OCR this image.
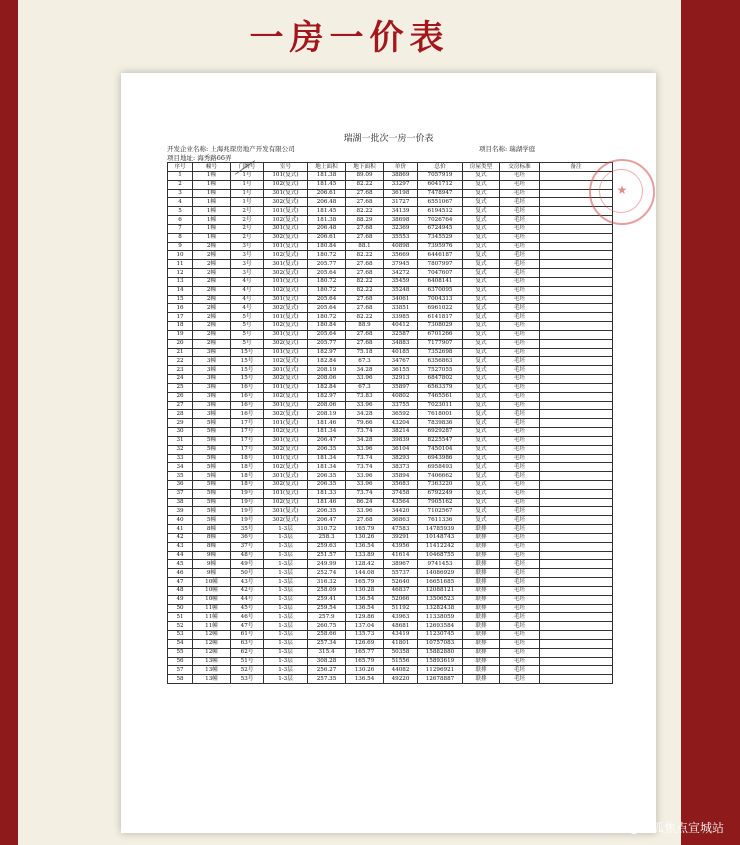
一房一价表
瑞湖一批次一房一价表
开发企业名称: 上海兆琛房地产开发有限公司	项目名称: 瑞湖学庭
项目地址: 海秀路66弄
序号	幢号	门牌号	室号	地上面积	地下面积	单价	总价	房屋类型	交房标准	备注
1	1幢	1号	101(复式)	181.38	89.09	38869	7057919	复式	毛坯	
2	1幢	1号	102(复式)	181.45	82.22	33297	6041712	复式	毛坯	
3	1幢	1号	301(复式)	206.61	27.68	36198	7478947	复式	毛坯	
4	1幢	1号	302(复式)	206.48	27.68	31727	6551067	复式	毛坯	
5	1幢	2号	101(复式)	181.45	82.22	34139	6194512	复式	毛坯	
6	1幢	2号	102(复式)	181.38	88.29	38698	7026764	复式	毛坯	
7	1幢	2号	301(复式)	206.48	27.68	32369	6724945	复式	毛坯	
8	1幢	2号	302(复式)	206.61	27.68	35553	7345529	复式	毛坯	
9	2幢	3号	101(复式)	180.84	88.1	40898	7395976	复式	毛坯	
10	2幢	3号	102(复式)	180.72	82.22	35669	6446187	复式	毛坯	
11	2幢	3号	301(复式)	205.77	27.68	37945	7807997	复式	毛坯	
12	2幢	3号	302(复式)	205.64	27.68	34272	7047607	复式	毛坯	
13	2幢	4号	101(复式)	180.72	82.22	35459	6408141	复式	毛坯	
14	2幢	4号	102(复式)	180.72	82.22	35248	6370095	复式	毛坯	
15	2幢	4号	301(复式)	205.64	27.68	34061	7004313	复式	毛坯	
16	2幢	4号	302(复式)	205.64	27.68	33851	6961022	复式	毛坯	
17	2幢	5号	101(复式)	180.72	82.22	33985	6141817	复式	毛坯	
18	2幢	5号	102(复式)	180.84	88.9	40412	7308029	复式	毛坯	
19	2幢	5号	301(复式)	205.64	27.68	32587	6701266	复式	毛坯	
20	2幢	5号	302(复式)	205.77	27.68	34883	7177907	复式	毛坯	
21	3幢	15号	101(复式)	182.97	75.18	40185	7352698	复式	毛坯	
22	3幢	15号	102(复式)	182.84	67.3	34767	6356863	复式	毛坯	
23	3幢	15号	301(复式)	208.19	34.28	36155	7527055	复式	毛坯	
24	3幢	15号	302(复式)	208.06	33.96	32913	6847802	复式	毛坯	
25	3幢	16号	101(复式)	182.84	67.3	35897	6563379	复式	毛坯	
26	3幢	16号	102(复式)	182.97	73.83	40802	7465561	复式	毛坯	
27	3幢	16号	301(复式)	208.06	33.96	33755	7023011	复式	毛坯	
28	3幢	16号	302(复式)	208.19	34.28	36592	7618001	复式	毛坯	
29	5幢	17号	101(复式)	181.46	79.66	43204	7839836	复式	毛坯	
30	5幢	17号	102(复式)	181.34	73.74	38214	6929287	复式	毛坯	
31	5幢	17号	301(复式)	206.47	34.28	39839	8225547	复式	毛坯	
32	5幢	17号	302(复式)	206.35	33.96	36104	7450104	复式	毛坯	
33	5幢	18号	101(复式)	181.34	73.74	38293	6943986	复式	毛坯	
34	5幢	18号	102(复式)	181.34	73.74	38373	6958493	复式	毛坯	
35	5幢	18号	301(复式)	206.35	33.96	35894	7406662	复式	毛坯	
36	5幢	18号	302(复式)	206.35	33.96	35683	7363220	复式	毛坯	
37	5幢	19号	101(复式)	181.33	73.74	37458	6792249	复式	毛坯	
38	5幢	19号	102(复式)	181.46	86.24	43564	7905162	复式	毛坯	
39	5幢	19号	301(复式)	206.35	33.96	34420	7102567	复式	毛坯	
40	5幢	19号	302(复式)	206.47	27.68	36863	7611336	复式	毛坯	
41	8幢	35号	1-3层	310.72	165.79	47583	14785939	联排	毛坯	
42	8幢	36号	1-3层	258.3	130.26	39291	10148743	联排	毛坯	
43	8幢	37号	1-3层	259.63	136.54	43956	11412242	联排	毛坯	
44	9幢	48号	1-3层	251.57	133.89	41614	10468755	联排	毛坯	
45	9幢	49号	1-3层	249.99	128.42	38967	9741453	联排	毛坯	
46	9幢	50号	1-3层	252.74	144.08	55737	14086929	联排	毛坯	
47	10幢	43号	1-3层	316.32	165.79	52640	16651685	联排	毛坯	
48	10幢	42号	1-3层	258.09	130.28	46837	12088121	联排	毛坯	
49	10幢	44号	1-3层	259.41	136.54	52066	13506523	联排	毛坯	
50	11幢	45号	1-3层	259.54	136.54	51192	13282438	联排	毛坯	
51	11幢	46号	1-3层	257.9	129.86	43963	11338059	联排	毛坯	
52	11幢	47号	1-3层	260.75	137.04	48681	12693584	联排	毛坯	
53	12幢	61号	1-3层	258.66	135.73	43419	11230745	联排	毛坯	
54	12幢	63号	1-3层	257.34	126.69	41801	10757083	联排	毛坯	
55	12幢	62号	1-3层	315.4	165.77	50358	15882880	联排	毛坯	
56	13幢	51号	1-3层	308.28	165.79	51556	15893619	联排	毛坯	
57	13幢	52号	1-3层	256.27	130.26	44082	11296921	联排	毛坯	
58	13幢	53号	1-3层	257.35	136.54	49220	12678887	联排	毛坯	
★
搜狐号@搜狐焦点宣城站
